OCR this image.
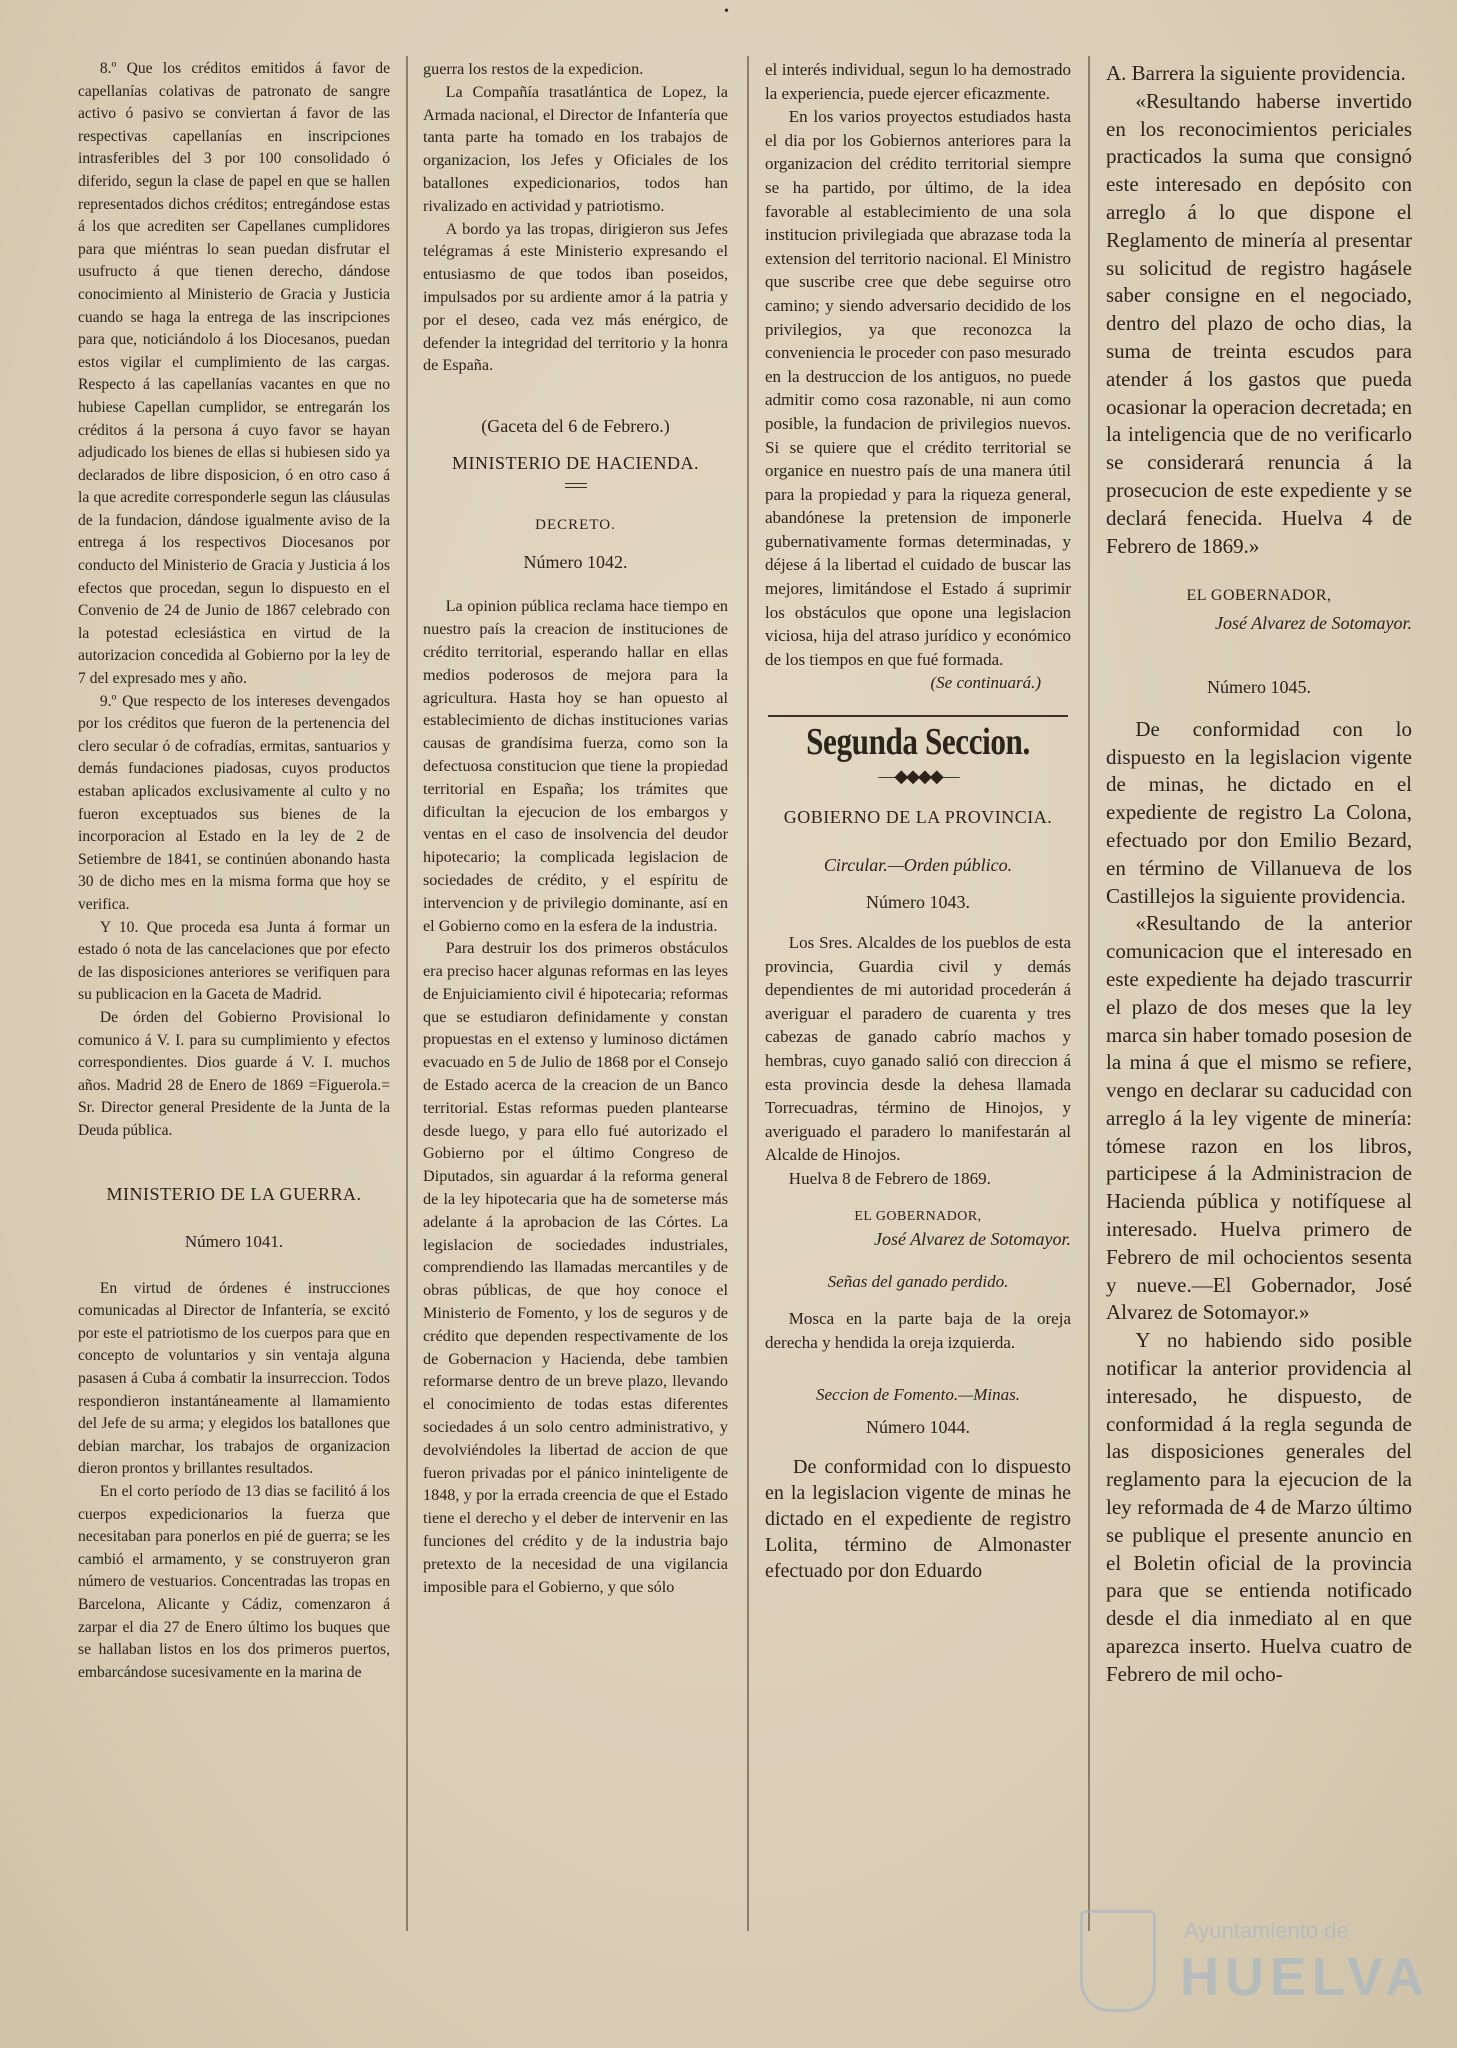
•

8.º Que los créditos emitidos á favor de capellanías colativas de patronato de sangre activo ó pasivo se conviertan á favor de las respectivas capellanías en inscripciones intrasferibles del 3 por 100 consolidado ó diferido, segun la clase de papel en que se hallen representados dichos créditos; entregándose estas á los que acrediten ser Capellanes cumplidores para que miéntras lo sean puedan disfrutar el usufructo á que tienen derecho, dándose conocimiento al Ministerio de Gracia y Justicia cuando se haga la entrega de las inscripciones para que, noticiándolo á los Diocesanos, puedan estos vigilar el cumplimiento de las cargas. Respecto á las capellanías vacantes en que no hubiese Capellan cumplidor, se entregarán los créditos á la persona á cuyo favor se hayan adjudicado los bienes de ellas si hubiesen sido ya declarados de libre disposicion, ó en otro caso á la que acredite corresponderle segun las cláusulas de la fundacion, dándose igualmente aviso de la entrega á los respectivos Diocesanos por conducto del Ministerio de Gracia y Justicia á los efectos que procedan, segun lo dispuesto en el Convenio de 24 de Junio de 1867 celebrado con la potestad eclesiástica en virtud de la autorizacion concedida al Gobierno por la ley de 7 del expresado mes y año.

9.º Que respecto de los intereses devengados por los créditos que fueron de la pertenencia del clero secular ó de cofradías, ermitas, santuarios y demás fundaciones piadosas, cuyos productos estaban aplicados exclusivamente al culto y no fueron exceptuados sus bienes de la incorporacion al Estado en la ley de 2 de Setiembre de 1841, se continúen abonando hasta 30 de dicho mes en la misma forma que hoy se verifica.

Y 10. Que proceda esa Junta á formar un estado ó nota de las cancelaciones que por efecto de las disposiciones anteriores se verifiquen para su publicacion en la Gaceta de Madrid.

De órden del Gobierno Provisional lo comunico á V. I. para su cumplimiento y efectos correspondientes. Dios guarde á V. I. muchos años. Madrid 28 de Enero de 1869 =Figuerola.= Sr. Director general Presidente de la Junta de la Deuda pública.

MINISTERIO DE LA GUERRA.
Número 1041.

En virtud de órdenes é instrucciones comunicadas al Director de Infantería, se excitó por este el patriotismo de los cuerpos para que en concepto de voluntarios y sin ventaja alguna pasasen á Cuba á combatir la insurreccion. Todos respondieron instantáneamente al llamamiento del Jefe de su arma; y elegidos los batallones que debian marchar, los trabajos de organizacion dieron prontos y brillantes resultados.

En el corto período de 13 dias se facilitó á los cuerpos expedicionarios la fuerza que necesitaban para ponerlos en pié de guerra; se les cambió el armamento, y se construyeron gran número de vestuarios. Concentradas las tropas en Barcelona, Alicante y Cádiz, comenzaron á zarpar el dia 27 de Enero último los buques que se hallaban listos en los dos primeros puertos, embarcándose sucesivamente en la marina de

guerra los restos de la expedicion.

La Compañía trasatlántica de Lopez, la Armada nacional, el Director de Infantería que tanta parte ha tomado en los trabajos de organizacion, los Jefes y Oficiales de los batallones expedicionarios, todos han rivalizado en actividad y patriotismo.

A bordo ya las tropas, dirigieron sus Jefes telégramas á este Ministerio expresando el entusiasmo de que todos iban poseidos, impulsados por su ardiente amor á la patria y por el deseo, cada vez más enérgico, de defender la integridad del territorio y la honra de España.

(Gaceta del 6 de Febrero.)
MINISTERIO DE HACIENDA.
DECRETO.
Número 1042.

La opinion pública reclama hace tiempo en nuestro país la creacion de instituciones de crédito territorial, esperando hallar en ellas medios poderosos de mejora para la agricultura. Hasta hoy se han opuesto al establecimiento de dichas instituciones varias causas de grandísima fuerza, como son la defectuosa constitucion que tiene la propiedad territorial en España; los trámites que dificultan la ejecucion de los embargos y ventas en el caso de insolvencia del deudor hipotecario; la complicada legislacion de sociedades de crédito, y el espíritu de intervencion y de privilegio dominante, así en el Gobierno como en la esfera de la industria.

Para destruir los dos primeros obstáculos era preciso hacer algunas reformas en las leyes de Enjuiciamiento civil é hipotecaria; reformas que se estudiaron definidamente y constan propuestas en el extenso y luminoso dictámen evacuado en 5 de Julio de 1868 por el Consejo de Estado acerca de la creacion de un Banco territorial. Estas reformas pueden plantearse desde luego, y para ello fué autorizado el Gobierno por el último Congreso de Diputados, sin aguardar á la reforma general de la ley hipotecaria que ha de someterse más adelante á la aprobacion de las Córtes. La legislacion de sociedades industriales, comprendiendo las llamadas mercantiles y de obras públicas, de que hoy conoce el Ministerio de Fomento, y los de seguros y de crédito que dependen respectivamente de los de Gobernacion y Hacienda, debe tambien reformarse dentro de un breve plazo, llevando el conocimiento de todas estas diferentes sociedades á un solo centro administrativo, y devolviéndoles la libertad de accion de que fueron privadas por el pánico ininteligente de 1848, y por la errada creencia de que el Estado tiene el derecho y el deber de intervenir en las funciones del crédito y de la industria bajo pretexto de la necesidad de una vigilancia imposible para el Gobierno, y que sólo

el interés individual, segun lo ha demostrado la experiencia, puede ejercer eficazmente.

En los varios proyectos estudiados hasta el dia por los Gobiernos anteriores para la organizacion del crédito territorial siempre se ha partido, por último, de la idea favorable al establecimiento de una sola institucion privilegiada que abrazase toda la extension del territorio nacional. El Ministro que suscribe cree que debe seguirse otro camino; y siendo adversario decidido de los privilegios, ya que reconozca la conveniencia le proceder con paso mesurado en la destruccion de los antiguos, no puede admitir como cosa razonable, ni aun como posible, la fundacion de privilegios nuevos. Si se quiere que el crédito territorial se organice en nuestro país de una manera útil para la propiedad y para la riqueza general, abandónese la pretension de imponerle gubernativamente formas determinadas, y déjese á la libertad el cuidado de buscar las mejores, limitándose el Estado á suprimir los obstáculos que opone una legislacion viciosa, hija del atraso jurídico y económico de los tiempos en que fué formada.

(Se continuará.)
Segunda Seccion.
—◆◆◆◆—
GOBIERNO DE LA PROVINCIA.
Circular.—Orden público.
Número 1043.

Los Sres. Alcaldes de los pueblos de esta provincia, Guardia civil y demás dependientes de mi autoridad procederán á averiguar el paradero de cuarenta y tres cabezas de ganado cabrío machos y hembras, cuyo ganado salió con direccion á esta provincia desde la dehesa llamada Torrecuadras, término de Hinojos, y averiguado el paradero lo manifestarán al Alcalde de Hinojos.

Huelva 8 de Febrero de 1869.

EL GOBERNADOR,
José Alvarez de Sotomayor.
Señas del ganado perdido.

Mosca en la parte baja de la oreja derecha y hendida la oreja izquierda.

Seccion de Fomento.—Minas.
Número 1044.

De conformidad con lo dispuesto en la legislacion vigente de minas he dictado en el expediente de registro Lolita, término de Almonaster efectuado por don Eduardo

A. Barrera la siguiente providencia.

«Resultando haberse invertido en los reconocimientos periciales practicados la suma que consignó este interesado en depósito con arreglo á lo que dispone el Reglamento de minería al presentar su solicitud de registro hagásele saber consigne en el negociado, dentro del plazo de ocho dias, la suma de treinta escudos para atender á los gastos que pueda ocasionar la operacion decretada; en la inteligencia que de no verificarlo se considerará renuncia á la prosecucion de este expediente y se declará fenecida. Huelva 4 de Febrero de 1869.»

EL GOBERNADOR,
José Alvarez de Sotomayor.
Número 1045.

De conformidad con lo dispuesto en la legislacion vigente de minas, he dictado en el expediente de registro La Colona, efectuado por don Emilio Bezard, en término de Villanueva de los Castillejos la siguiente providencia.

«Resultando de la anterior comunicacion que el interesado en este expediente ha dejado trascurrir el plazo de dos meses que la ley marca sin haber tomado posesion de la mina á que el mismo se refiere, vengo en declarar su caducidad con arreglo á la ley vigente de minería: tómese razon en los libros, participese á la Administracion de Hacienda pública y notifíquese al interesado. Huelva primero de Febrero de mil ochocientos sesenta y nueve.—El Gobernador, José Alvarez de Sotomayor.»

Y no habiendo sido posible notificar la anterior providencia al interesado, he dispuesto, de conformidad á la regla segunda de las disposiciones generales del reglamento para la ejecucion de la ley reformada de 4 de Marzo último se publique el presente anuncio en el Boletin oficial de la provincia para que se entienda notificado desde el dia inmediato al en que aparezca inserto. Huelva cuatro de Febrero de mil ocho-

Ayuntamiento de
HUELVA
